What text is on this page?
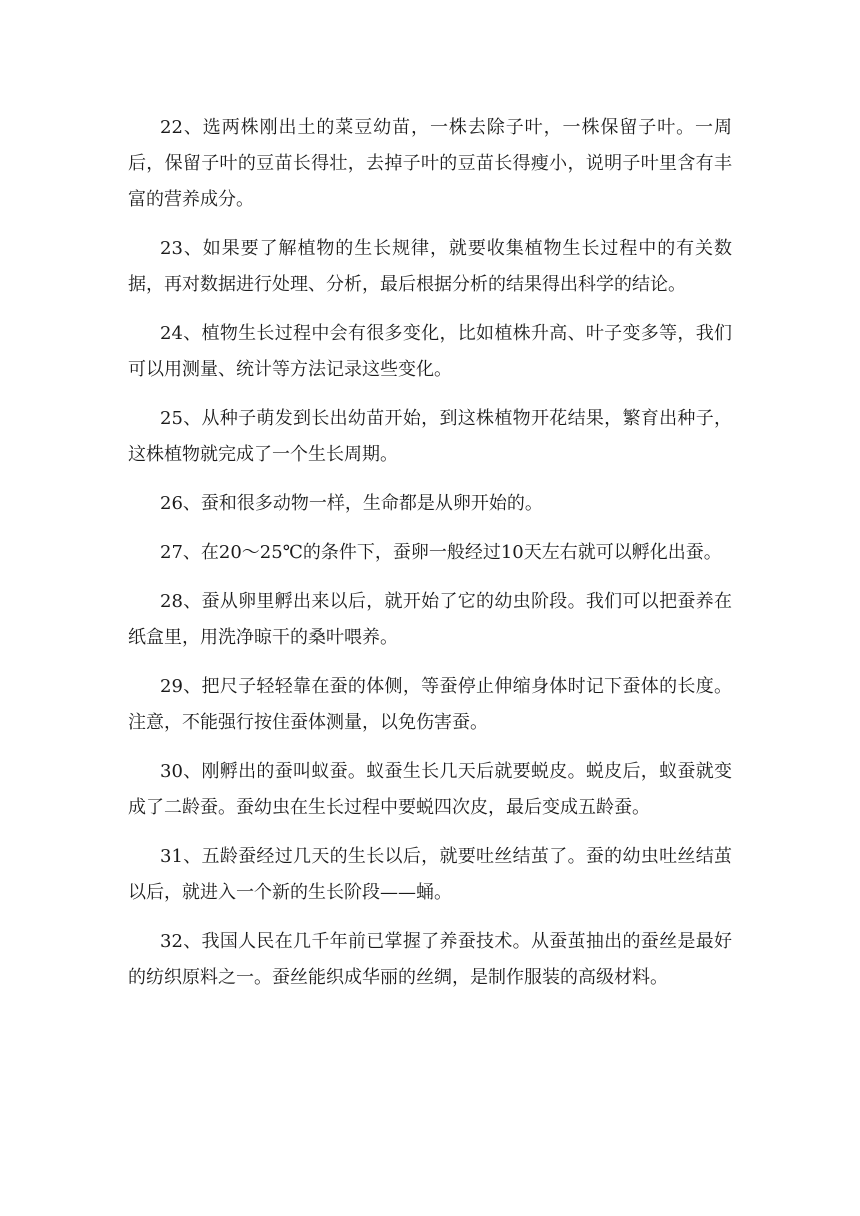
22、选两株刚出土的菜豆幼苗，一株去除子叶，一株保留子叶。一周后，保留子叶的豆苗长得壮，去掉子叶的豆苗长得瘦小，说明子叶里含有丰富的营养成分。

23、如果要了解植物的生长规律，就要收集植物生长过程中的有关数据，再对数据进行处理、分析，最后根据分析的结果得出科学的结论。

24、植物生长过程中会有很多变化，比如植株升高、叶子变多等，我们可以用测量、统计等方法记录这些变化。

25、从种子萌发到长出幼苗开始，到这株植物开花结果，繁育出种子，这株植物就完成了一个生长周期。

26、蚕和很多动物一样，生命都是从卵开始的。

27、在20～25℃的条件下，蚕卵一般经过10天左右就可以孵化出蚕。

28、蚕从卵里孵出来以后，就开始了它的幼虫阶段。我们可以把蚕养在纸盒里，用洗净晾干的桑叶喂养。

29、把尺子轻轻靠在蚕的体侧，等蚕停止伸缩身体时记下蚕体的长度。注意，不能强行按住蚕体测量，以免伤害蚕。

30、刚孵出的蚕叫蚁蚕。蚁蚕生长几天后就要蜕皮。蜕皮后，蚁蚕就变成了二龄蚕。蚕幼虫在生长过程中要蜕四次皮，最后变成五龄蚕。

31、五龄蚕经过几天的生长以后，就要吐丝结茧了。蚕的幼虫吐丝结茧以后，就进入一个新的生长阶段——蛹。

32、我国人民在几千年前已掌握了养蚕技术。从蚕茧抽出的蚕丝是最好的纺织原料之一。蚕丝能织成华丽的丝绸，是制作服装的高级材料。
